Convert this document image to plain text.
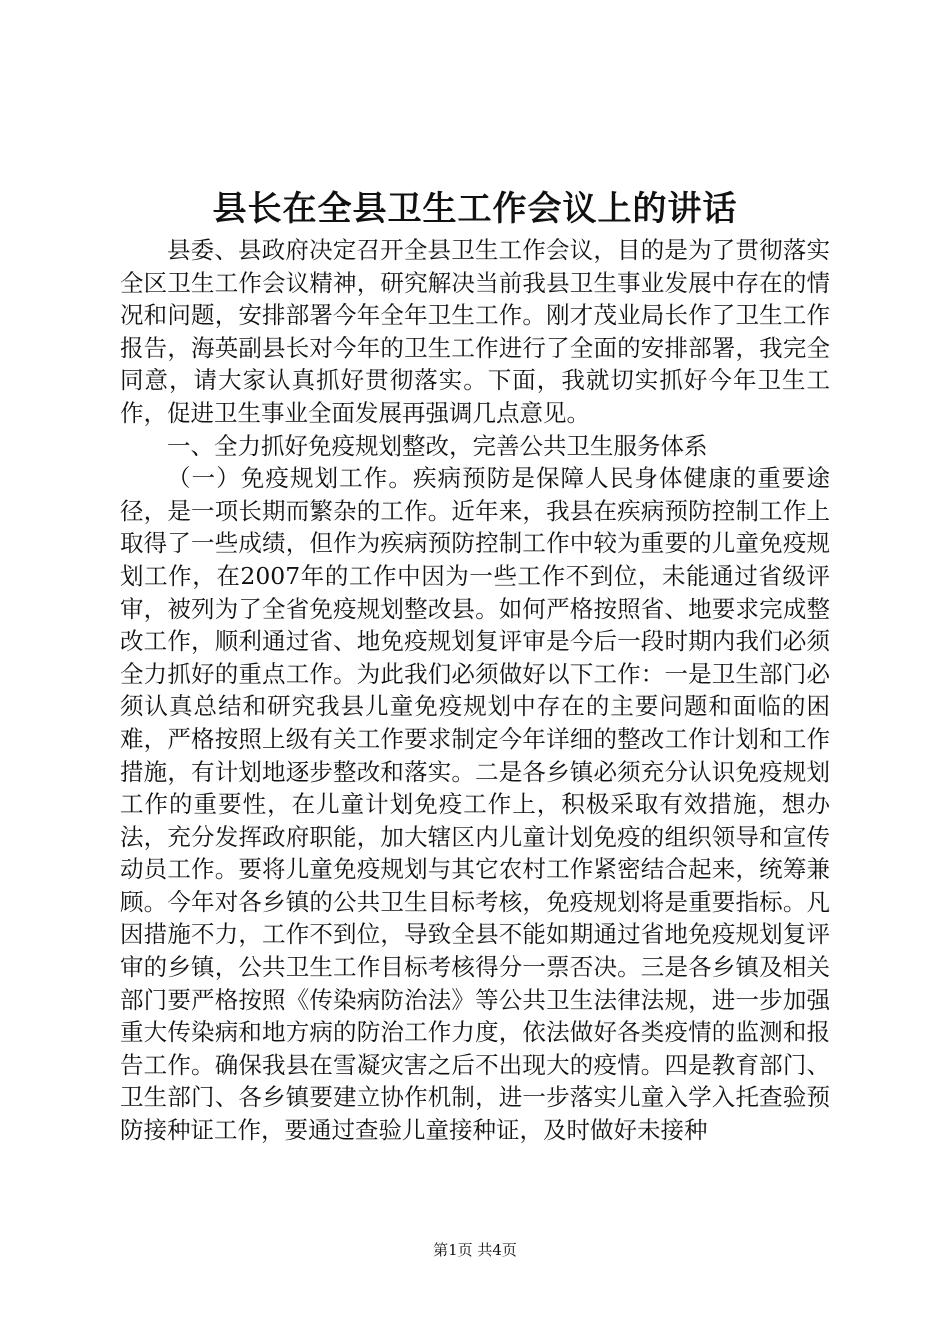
县长在全县卫生工作会议上的讲话

县委、县政府决定召开全县卫生工作会议，目的是为了贯彻落实全区卫生工作会议精神，研究解决当前我县卫生事业发展中存在的情况和问题，安排部署今年全年卫生工作。刚才茂业局长作了卫生工作报告，海英副县长对今年的卫生工作进行了全面的安排部署，我完全同意，请大家认真抓好贯彻落实。下面，我就切实抓好今年卫生工作，促进卫生事业全面发展再强调几点意见。

一、全力抓好免疫规划整改，完善公共卫生服务体系

（一）免疫规划工作。疾病预防是保障人民身体健康的重要途径，是一项长期而繁杂的工作。近年来，我县在疾病预防控制工作上取得了一些成绩，但作为疾病预防控制工作中较为重要的儿童免疫规划工作，在2007年的工作中因为一些工作不到位，未能通过省级评审，被列为了全省免疫规划整改县。如何严格按照省、地要求完成整改工作，顺利通过省、地免疫规划复评审是今后一段时期内我们必须全力抓好的重点工作。为此我们必须做好以下工作：一是卫生部门必须认真总结和研究我县儿童免疫规划中存在的主要问题和面临的困难，严格按照上级有关工作要求制定今年详细的整改工作计划和工作措施，有计划地逐步整改和落实。二是各乡镇必须充分认识免疫规划工作的重要性，在儿童计划免疫工作上，积极采取有效措施，想办法，充分发挥政府职能，加大辖区内儿童计划免疫的组织领导和宣传动员工作。要将儿童免疫规划与其它农村工作紧密结合起来，统筹兼顾。今年对各乡镇的公共卫生目标考核，免疫规划将是重要指标。凡因措施不力，工作不到位，导致全县不能如期通过省地免疫规划复评审的乡镇，公共卫生工作目标考核得分一票否决。三是各乡镇及相关部门要严格按照《传染病防治法》等公共卫生法律法规，进一步加强重大传染病和地方病的防治工作力度，依法做好各类疫情的监测和报告工作。确保我县在雪凝灾害之后不出现大的疫情。四是教育部门、卫生部门、各乡镇要建立协作机制，进一步落实儿童入学入托查验预防接种证工作，要通过查验儿童接种证，及时做好未接种

第1页 共4页
